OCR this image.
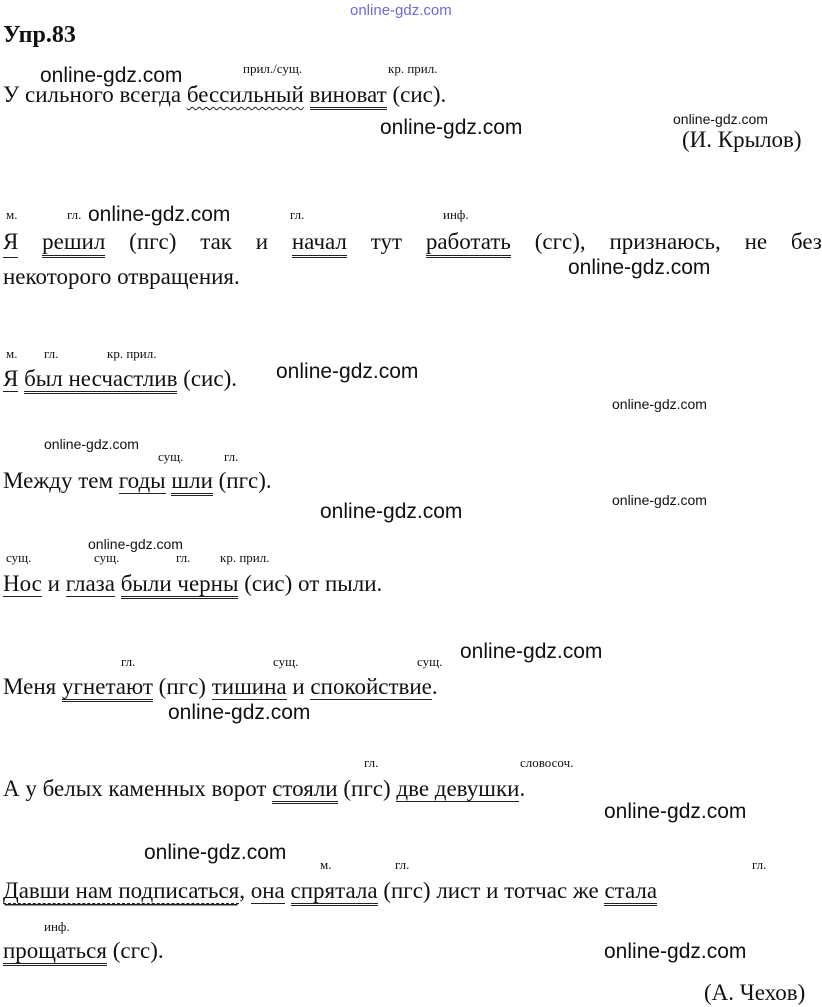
online-gdz.com
Упр.83
прил./сущ.	кр. прил.
У сильного всегда бессильный виноват (сис).
(И. Крылов)
м.	гл.	гл.	инф.
Я решил (пгс) так и начал тут работать (сгс), признаюсь, не без
некоторого отвращения.
м. гл.	кр. прил.
Я был несчастлив (сис).
сущ.	гл.
Между тем годы шли (пгс).
сущ.	сущ.	гл. кр. прил.
Нос и глаза были черны (сис) от пыли.
гл.	сущ.	сущ.
Меня угнетают (пгс) тишина и спокойствие.
гл.	словосоч.
А у белых каменных ворот стояли (пгс) две девушки.
м.	гл.	гл.
Давши нам подписаться, она спрятала (пгс) лист и тотчас же стала
инф.
прощаться (сгс).
(А. Чехов)
online-gdz.com
online-gdz.com
online-gdz.com
online-gdz.com
online-gdz.com
online-gdz.com
online-gdz.com
online-gdz.com
online-gdz.com
online-gdz.com
online-gdz.com
online-gdz.com
online-gdz.com
online-gdz.com
online-gdz.com
online-gdz.com
